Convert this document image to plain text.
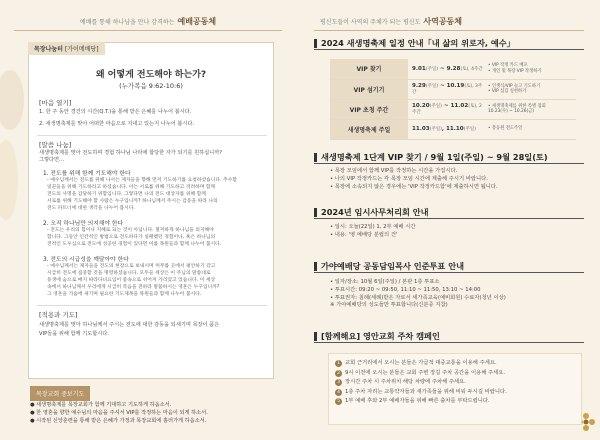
예배를 통해 하나님을 만나 감격하는 예배공동체
목장나눔터 [가이메배당]
왜 어떻게 전도해야 하는가?
(누가복음 9:62-10:6)
[마음 열기]
1. 한 주 동안 경건의 시간(Q.T.)을 통해 받은 은혜를 나누어 봅시다.
2. 새생명축제를 맞아 어떠한 마음으로 지내고 있는지 나누어 봅시다.
[말씀 나눔]
새생명축제를 맞아 전도하며 경험 하나님 나라에 합당한 자가 되기를 원하십니까?
그렇다면…
1. 전도를 위해 함께 기도해야 한다
- 예수님께서는 전도를 위해 나서는 제자들을 향해 먼저 기도하기를 요청하셨습니다. 추수할
일꾼들을 위해 기도하라고 하셨습니다. 이는 서로를 위해 기도하고 격려하며 함께
전도의 사명을 감당하기 위함입니다. 그렇다면 나의 전도 대상자를 위해 함께
서로를 위해 기도해야 할 사람은 누구입니까? 하나님께서 주시는 감동을 따라 나의
전도 파트너에 대한 생각을 나누어 봅시다.
2. 오직 하나님만 의지해야 한다
- 전도는 우리의 힘이나 지혜로 되는 것이 아닙니다. 철저하게 하나님을 의지해야
합니다. 그동안 인간적인 방법으로 전도하다가 실패했던 경험이나, 혹은 하나님의
전적인 도우심으로 전도에 성공한 경험이 있다면 이를 목원들과 함께 나누어 봅시다.
3. 전도의 시급성을 깨달아야 한다
- 예수님께서는 제자들을 전도의 현장으로 보내시며 머무를 곳에서 평안하기 갔고
시급히 전도에 집중할 것을 명령하셨습니다. 모두들 세상은 이 주님의 말씀대로
동생에 숨으로 매지 따라다녀요입어 좋속으로 쉬어져 가리었고 있습니다. 이 세상
속에서 하나님께서 우리에게 시급히 복음을 전하라 말씀하시는 영혼은 누구입니까?
그 영혼을 가슴에 새기며 필요한 기도제목을 목원들과 함께 나누어 봅시다.
[적용과 기도]
새생명축제를 맞아 하나님께서 주시는 전도에 대한 감동을 되새기며 목장이 품은
VIP들을 위해 함께 기도합시다.
목장교회 중보기도
● 새생명축제를 목장교회가 함께 기대하고 기도하게 하옵소서.
● 한 영혼을 향한 예수님의 마음을 주셔서 VIP를 작정하는 마음이 되게 하소서.
● 시작된 신앙훈련을 통해 받은 은혜가 가정과 목장교회에 흘러가게 하옵소서.
평신도들이 사역의 주체가 되는 평신도 사역공동체
2024 새생명축제 일정 안내「내 삶의 위로자, 예수」
VIP 찾기	9.01(주일) ~ 9.28(토), 4주간	• VIP 작정 카드 배포
• 개인 및 목장 VIP 작정하기

VIP 섬기기	9.29(주일) ~ 10.19(토), 3주간	• 인생식/VIP 놀고 기도하기
• VIP 섬김 실천하기

VIP 초청 주간	10.20(주일) ~ 11.02(토), 2주간	• 새생명축제를 위한 특별 집회
10.23(수) ~ 10.26(금)

새생명축제 주일	11.03(주일), 11.10(주일)	• 총동원 전도주일
새생명축제 1단계 VIP 찾기 / 9월 1일(주일) ~ 9월 28일(토)
• 목장 모임에서 함께 VIP를 작정하는 시간을 가집시다.
• 나의 VIP 작정카드는 각 목장 모임 시간에 제출해 주시기 바랍니다.
• 목장에 소속되지 않은 경우에는 'VIP 작정카드함'에 제출하시면 됩니다.
2024년 임시사무처리회 안내
• 일시: 오늘(22일) 1, 2부 예배 시간
• 내용: '영 예배당 분립의 건'
가야예배당 공동담임목사 인준투표 안내
• 일자/장소: 10월 6일(주일) / 본관 1층 투표소
• 투표시간: 09:20 ~ 09:50, 11:10 ~ 11:50, 13:10 ~ 14:00
• 투표권자: 침례(세례)받은 자로서 세가족교육(예비회원) 수료자(청년 이상)
※ 가야예배당의 성도들만 투표합니다(신분증 지참)
[함께해요] 영안교회 주차 캠페인
1 교회 근거리에서 오시는 분들은 가급적 대중교통을 이용해 주세요.
2 9시 이전에 오시는 분들은 교회 주변 장길 주차 공간을 이용해 주세요.
3 장시간 주차 시 주차위치 해당 차량에 주차해 주세요.
4 1층 주차 자리는 교통약자들과 새가족들을 위해 비워 두시길 바랍니다.
5 1부 예배 후와 2부 예배자들을 위해 빠른 출차를 부탁드립니다.
